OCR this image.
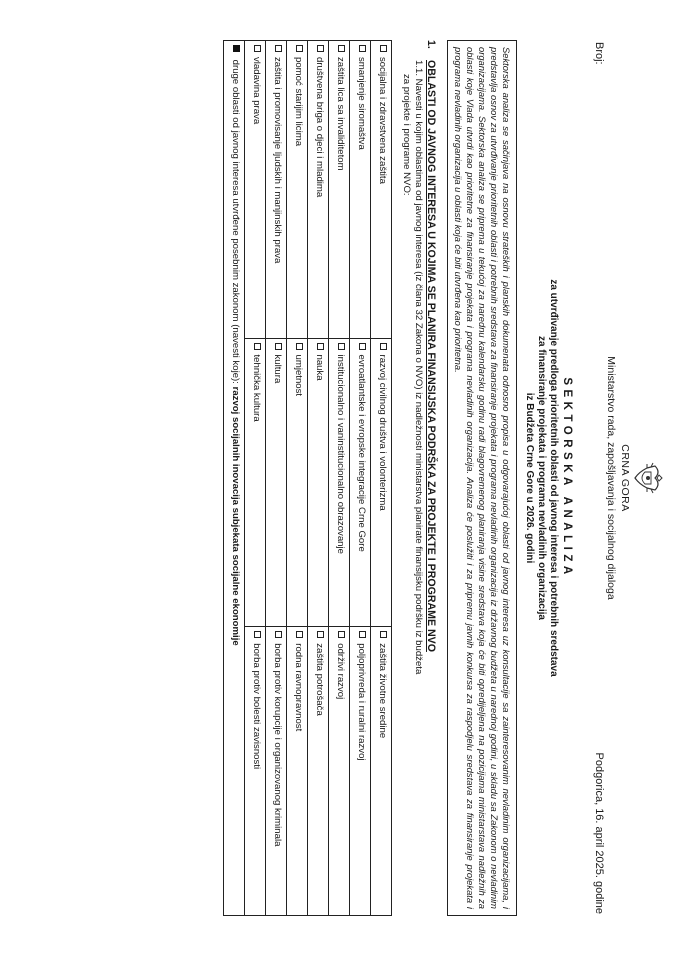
CRNA GORA
Ministarstvo rada, zapošljavanja i socijalnog dijaloga
Broj:
Podgorica, 16. april 2025. godine
SEKTORSKA ANALIZA
za utvrđivanje predloga prioritetnih oblasti od javnog interesa i potrebnih sredstava
za finansiranje projekata i programa nevladinih organizacija
iz Budžeta Crne Gore u 2026. godini
Sektorska analiza se sačinjava na osnovu strateških i planskih dokumenata odnosno propisa u odgovarajućoj oblasti od javnog interesa uz konsultacije sa zainteresovanim nevladinim organizacijama, i predstavlja osnov za utvrđivanje prioritetnih oblasti i potrebnih sredstava za finansiranje projekata i programa nevladinih organizacija iz državnog budžeta u narednoj godini, u skladu sa Zakonom o nevladinim organizacijama. Sektorska analiza se priprema u tekućoj za narednu kalendarsku godinu radi blagovremenog planiranja visine sredstava koja će biti opredijeljena na pozicijama ministarstava nadležnih za oblasti koje Vlada utvrdi kao prioritetne za finansiranje projekata i programa nevladinih organizacija. Analiza će poslužiti i za pripremu javnih konkursa za raspodjelu sredstava za finansiranje projekata i programa nevladinih organizacija u oblasti koja će biti utvrđena kao prioritetna.
1.
OBLASTI OD JAVNOG INTERESA U KOJIMA SE PLANIRA FINANSIJSKA PODRŠKA ZA PROJEKTE I PROGRAME NVO
1.1. Navesti u kojim oblastima od javnog interesa (iz člana 32 Zakona o NVO) iz nadležnosti ministarstva planirate finansijsku podršku iz budžeta
za projekte i programe NVO:
socijalna i zdravstvena zaštita	razvoj civilnog društva i volonterizma	zaštita životne sredine
smanjenje siromaštva	evroatlantske i evropske integracije Crne Gore	poljoprivreda i ruralni razvoj
zaštita lica sa invaliditetom	institucionalno i vaninstitucionalno obrazovanje	održivi razvoj
društvena briga o djeci i mladima	nauka	zaštita potrošača
pomoć starijim licima	umjetnost	rodna ravnopravnost
zaštita i promovisanje ljudskih i manjinskih prava	kultura	borba protiv korupcije i organizovanog kriminala
vladavina prava	tehnička kultura	borba protiv bolesti zavisnosti
druge oblasti od javnog interesa utvrđene posebnim zakonom (navesti koje): razvoj socijalnih inovacija subjekata socijalne ekonomije		
